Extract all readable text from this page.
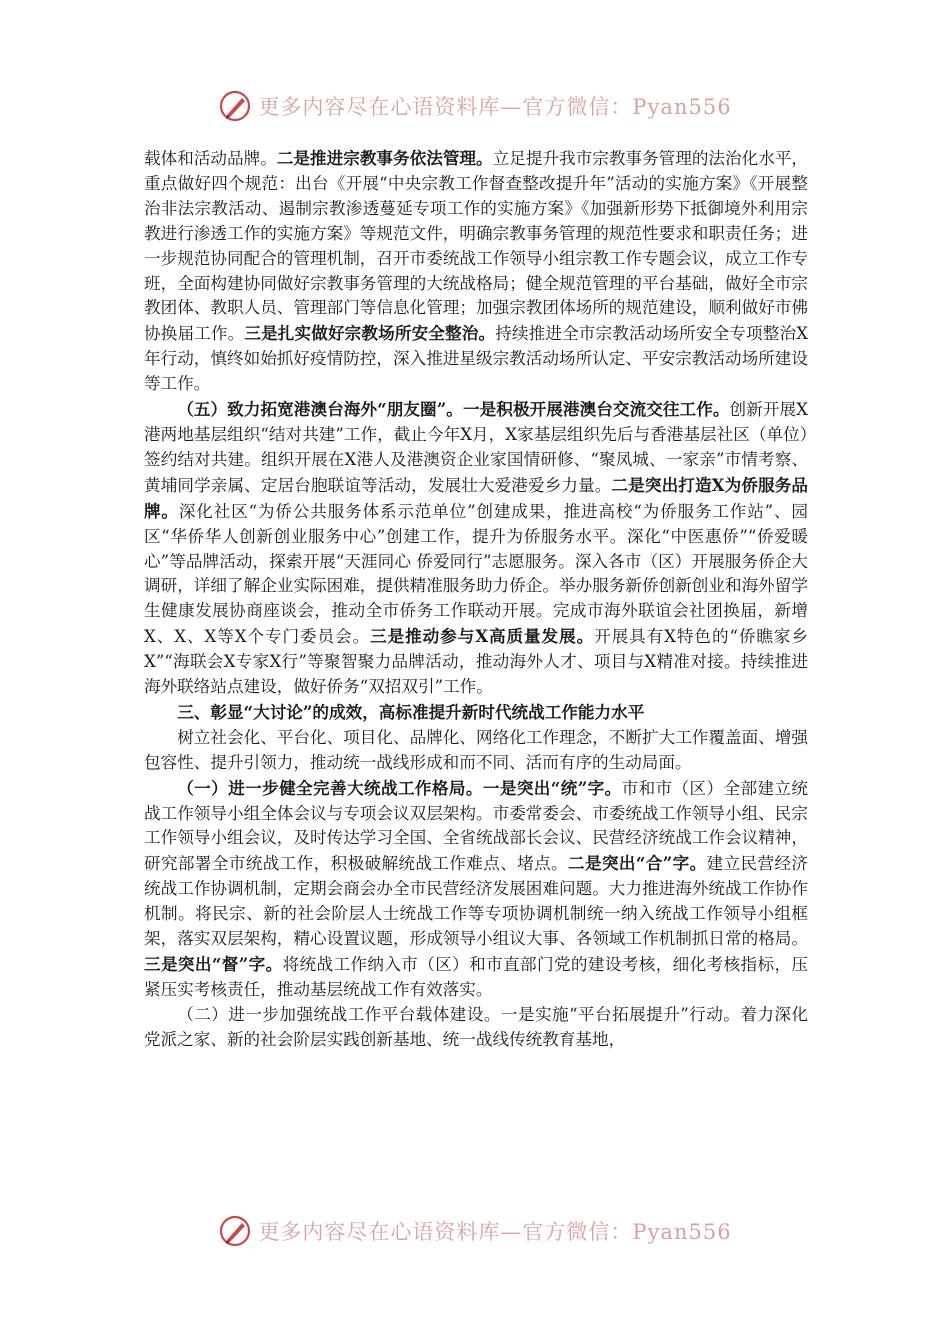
更多内容尽在心语资料库—官方微信：Pyan556

载体和活动品牌。二是推进宗教事务依法管理。立足提升我市宗教事务管理的法治化水平，重点做好四个规范：出台《开展“中央宗教工作督查整改提升年”活动的实施方案》《开展整治非法宗教活动、遏制宗教渗透蔓延专项工作的实施方案》《加强新形势下抵御境外利用宗教进行渗透工作的实施方案》等规范文件，明确宗教事务管理的规范性要求和职责任务；进一步规范协同配合的管理机制，召开市委统战工作领导小组宗教工作专题会议，成立工作专班，全面构建协同做好宗教事务管理的大统战格局；健全规范管理的平台基础，做好全市宗教团体、教职人员、管理部门等信息化管理；加强宗教团体场所的规范建设，顺利做好市佛协换届工作。三是扎实做好宗教场所安全整治。持续推进全市宗教活动场所安全专项整治X年行动，慎终如始抓好疫情防控，深入推进星级宗教活动场所认定、平安宗教活动场所建设等工作。

（五）致力拓宽港澳台海外“朋友圈”。一是积极开展港澳台交流交往工作。创新开展X港两地基层组织“结对共建”工作，截止今年X月，X家基层组织先后与香港基层社区（单位）签约结对共建。组织开展在X港人及港澳资企业家国情研修、“聚凤城、一家亲”市情考察、黄埔同学亲属、定居台胞联谊等活动，发展壮大爱港爱乡力量。二是突出打造X为侨服务品牌。深化社区“为侨公共服务体系示范单位”创建成果，推进高校“为侨服务工作站”、园区“华侨华人创新创业服务中心”创建工作，提升为侨服务水平。深化“中医惠侨”“侨爱暖心”等品牌活动，探索开展“天涯同心 侨爱同行”志愿服务。深入各市（区）开展服务侨企大调研，详细了解企业实际困难，提供精准服务助力侨企。举办服务新侨创新创业和海外留学生健康发展协商座谈会，推动全市侨务工作联动开展。完成市海外联谊会社团换届，新增X、X、X等X个专门委员会。三是推动参与X高质量发展。开展具有X特色的“侨瞧家乡 X”“海联会X专家X行”等聚智聚力品牌活动，推动海外人才、项目与X精准对接。持续推进海外联络站点建设，做好侨务“双招双引”工作。

三、彰显“大讨论”的成效，高标准提升新时代统战工作能力水平

树立社会化、平台化、项目化、品牌化、网络化工作理念，不断扩大工作覆盖面、增强包容性、提升引领力，推动统一战线形成和而不同、活而有序的生动局面。

（一）进一步健全完善大统战工作格局。一是突出“统”字。市和市（区）全部建立统战工作领导小组全体会议与专项会议双层架构。市委常委会、市委统战工作领导小组、民宗工作领导小组会议，及时传达学习全国、全省统战部长会议、民营经济统战工作会议精神，研究部署全市统战工作，积极破解统战工作难点、堵点。二是突出“合”字。建立民营经济统战工作协调机制，定期会商会办全市民营经济发展困难问题。大力推进海外统战工作协作机制。将民宗、新的社会阶层人士统战工作等专项协调机制统一纳入统战工作领导小组框架，落实双层架构，精心设置议题，形成领导小组议大事、各领域工作机制抓日常的格局。三是突出“督”字。将统战工作纳入市（区）和市直部门党的建设考核，细化考核指标，压紧压实考核责任，推动基层统战工作有效落实。

（二）进一步加强统战工作平台载体建设。一是实施“平台拓展提升”行动。着力深化党派之家、新的社会阶层实践创新基地、统一战线传统教育基地，

更多内容尽在心语资料库—官方微信：Pyan556
